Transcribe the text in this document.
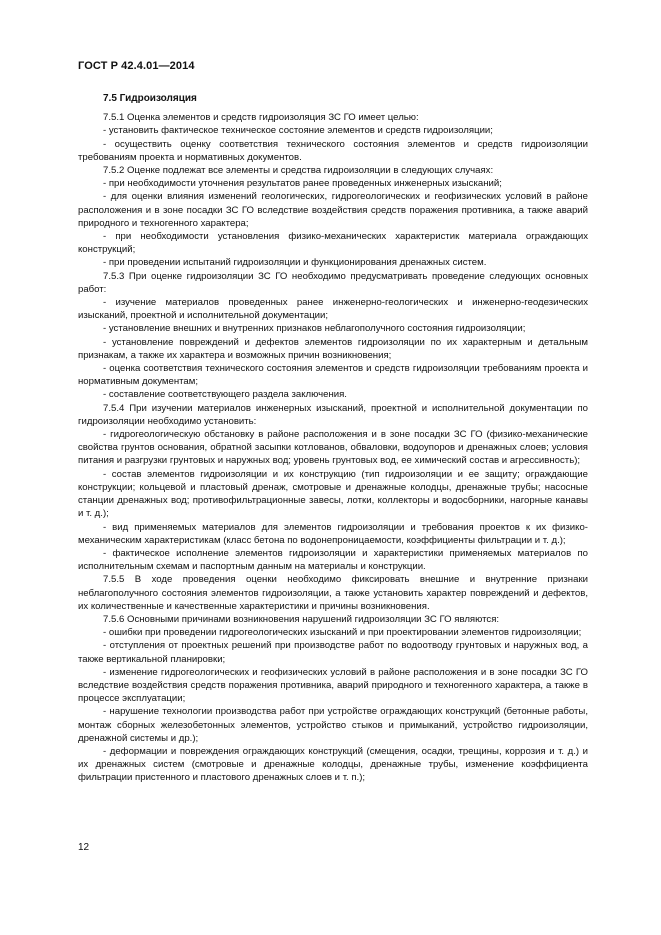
ГОСТ Р 42.4.01—2014
7.5 Гидроизоляция

7.5.1 Оценка элементов и средств гидроизоляция ЗС ГО имеет целью:

- установить фактическое техническое состояние элементов и средств гидроизоляции;

- осуществить оценку соответствия технического состояния элементов и средств гидроизоляции требованиям проекта и нормативных документов.

7.5.2 Оценке подлежат все элементы и средства гидроизоляции в следующих случаях:

- при необходимости уточнения результатов ранее проведенных инженерных изысканий;

- для оценки влияния изменений геологических, гидрогеологических и геофизических условий в районе расположения и в зоне посадки ЗС ГО вследствие воздействия средств поражения противника, а также аварий природного и техногенного характера;

- при необходимости установления физико-механических характеристик материала ограждающих конструкций;

- при проведении испытаний гидроизоляции и функционирования дренажных систем.

7.5.3 При оценке гидроизоляции ЗС ГО необходимо предусматривать проведение следующих основных работ:

- изучение материалов проведенных ранее инженерно-геологических и инженерно-геодезических изысканий, проектной и исполнительной документации;

- установление внешних и внутренних признаков неблагополучного состояния гидроизоляции;

- установление повреждений и дефектов элементов гидроизоляции по их характерным и детальным признакам, а также их характера и возможных причин возникновения;

- оценка соответствия технического состояния элементов и средств гидроизоляции требованиям проекта и нормативным документам;

- составление соответствующего раздела заключения.

7.5.4 При изучении материалов инженерных изысканий, проектной и исполнительной документации по гидроизоляции необходимо установить:

- гидрогеологическую обстановку в районе расположения и в зоне посадки ЗС ГО (физико-механические свойства грунтов основания, обратной засыпки котлованов, обваловки, водоупоров и дренажных слоев; условия питания и разгрузки грунтовых и наружных вод; уровень грунтовых вод, ее химический состав и агрессивность);

- состав элементов гидроизоляции и их конструкцию (тип гидроизоляции и ее защиту; ограждающие конструкции; кольцевой и пластовый дренаж, смотровые и дренажные колодцы, дренажные трубы; насосные станции дренажных вод; противофильтрационные завесы, лотки, коллекторы и водосборники, нагорные канавы и т. д.);

- вид применяемых материалов для элементов гидроизоляции и требования проектов к их физико-механическим характеристикам (класс бетона по водонепроницаемости, коэффициенты фильтрации и т. д.);

- фактическое исполнение элементов гидроизоляции и характеристики применяемых материалов по исполнительным схемам и паспортным данным на материалы и конструкции.

7.5.5 В ходе проведения оценки необходимо фиксировать внешние и внутренние признаки неблагополучного состояния элементов гидроизоляции, а также установить характер повреждений и дефектов, их количественные и качественные характеристики и причины возникновения.

7.5.6 Основными причинами возникновения нарушений гидроизоляции ЗС ГО являются:

- ошибки при проведении гидрогеологических изысканий и при проектировании элементов гидроизоляции;

- отступления от проектных решений при производстве работ по водоотводу грунтовых и наружных вод, а также вертикальной планировки;

- изменение гидрогеологических и геофизических условий в районе расположения и в зоне посадки ЗС ГО вследствие воздействия средств поражения противника, аварий природного и техногенного характера, а также в процессе эксплуатации;

- нарушение технологии производства работ при устройстве ограждающих конструкций (бетонные работы, монтаж сборных железобетонных элементов, устройство стыков и примыканий, устройство гидроизоляции, дренажной системы и др.);

- деформации и повреждения ограждающих конструкций (смещения, осадки, трещины, коррозия и т. д.) и их дренажных систем (смотровые и дренажные колодцы, дренажные трубы, изменение коэффициента фильтрации пристенного и пластового дренажных слоев и т. п.);

12
